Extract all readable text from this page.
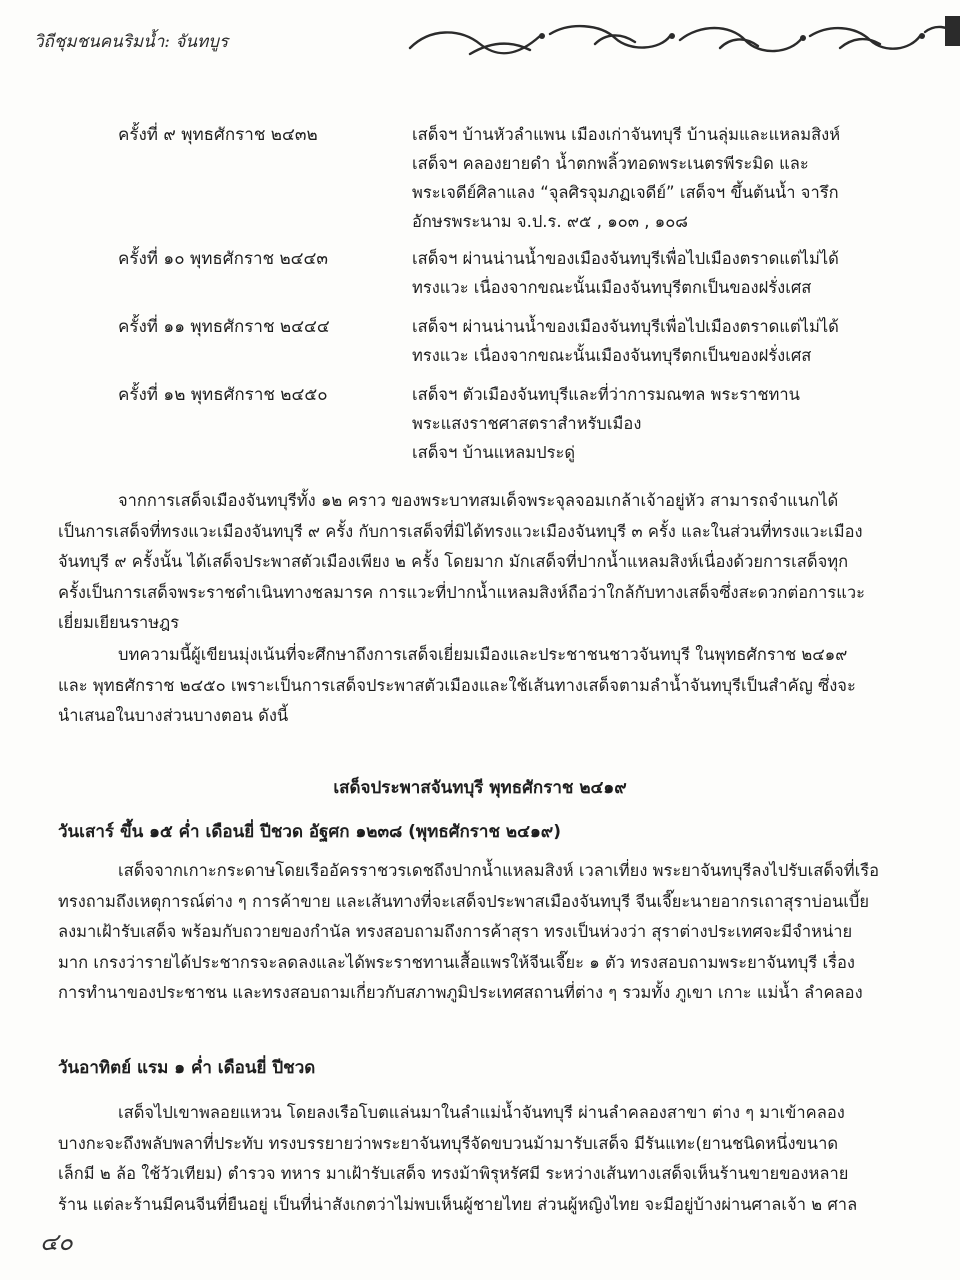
วิถีชุมชนคนริมน้ำ: จันทบูร
ครั้งที่ ๙ พุทธศักราช ๒๔๓๒	เสด็จฯ บ้านหัวลำแพน เมืองเก่าจันทบุรี บ้านลุ่มและแหลมสิงห์
เสด็จฯ คลองยายดำ น้ำตกพลิ้วทอดพระเนตรพีระมิด และ
พระเจดีย์ศิลาแลง “จุลศิรจุมภฏเจดีย์” เสด็จฯ ขึ้นต้นน้ำ จารึก
อักษรพระนาม จ.ป.ร. ๙๕ , ๑๐๓ , ๑๐๘
ครั้งที่ ๑๐ พุทธศักราช ๒๔๔๓	เสด็จฯ ผ่านน่านน้ำของเมืองจันทบุรีเพื่อไปเมืองตราดแต่ไม่ได้
ทรงแวะ เนื่องจากขณะนั้นเมืองจันทบุรีตกเป็นของฝรั่งเศส
ครั้งที่ ๑๑ พุทธศักราช ๒๔๔๔	เสด็จฯ ผ่านน่านน้ำของเมืองจันทบุรีเพื่อไปเมืองตราดแต่ไม่ได้
ทรงแวะ เนื่องจากขณะนั้นเมืองจันทบุรีตกเป็นของฝรั่งเศส
ครั้งที่ ๑๒ พุทธศักราช ๒๔๕๐	เสด็จฯ ตัวเมืองจันทบุรีและที่ว่าการมณฑล พระราชทาน
พระแสงราชศาสตราสำหรับเมือง
เสด็จฯ บ้านแหลมประดู่
จากการเสด็จเมืองจันทบุรีทั้ง ๑๒ คราว ของพระบาทสมเด็จพระจุลจอมเกล้าเจ้าอยู่หัว สามารถจำแนกได้
เป็นการเสด็จที่ทรงแวะเมืองจันทบุรี ๙ ครั้ง กับการเสด็จที่มิได้ทรงแวะเมืองจันทบุรี ๓ ครั้ง และในส่วนที่ทรงแวะเมือง
จันทบุรี ๙ ครั้งนั้น ได้เสด็จประพาสตัวเมืองเพียง ๒ ครั้ง โดยมาก มักเสด็จที่ปากน้ำแหลมสิงห์เนื่องด้วยการเสด็จทุก
ครั้งเป็นการเสด็จพระราชดำเนินทางชลมารค การแวะที่ปากน้ำแหลมสิงห์ถือว่าใกล้กับทางเสด็จซึ่งสะดวกต่อการแวะ
เยี่ยมเยียนราษฎร
บทความนี้ผู้เขียนมุ่งเน้นที่จะศึกษาถึงการเสด็จเยี่ยมเมืองและประชาชนชาวจันทบุรี ในพุทธศักราช ๒๔๑๙
และ พุทธศักราช ๒๔๕๐ เพราะเป็นการเสด็จประพาสตัวเมืองและใช้เส้นทางเสด็จตามลำน้ำจันทบุรีเป็นสำคัญ ซึ่งจะ
นำเสนอในบางส่วนบางตอน ดังนี้
เสด็จประพาสจันทบุรี พุทธศักราช ๒๔๑๙
วันเสาร์ ขึ้น ๑๕ ค่ำ เดือนยี่ ปีชวด อัฐศก ๑๒๓๘ (พุทธศักราช ๒๔๑๙)
เสด็จจากเกาะกระดาษโดยเรืออัครราชวรเดชถึงปากน้ำแหลมสิงห์ เวลาเที่ยง พระยาจันทบุรีลงไปรับเสด็จที่เรือ
ทรงถามถึงเหตุการณ์ต่าง ๆ การค้าขาย และเส้นทางที่จะเสด็จประพาสเมืองจันทบุรี จีนเจี๊ยะนายอากรเถาสุราบ่อนเบี้ย
ลงมาเฝ้ารับเสด็จ พร้อมกับถวายของกำนัล ทรงสอบถามถึงการค้าสุรา ทรงเป็นห่วงว่า สุราต่างประเทศจะมีจำหน่าย
มาก เกรงว่ารายได้ประชากรจะลดลงและได้พระราชทานเสื้อแพรให้จีนเจี๊ยะ ๑ ตัว ทรงสอบถามพระยาจันทบุรี เรื่อง
การทำนาของประชาชน และทรงสอบถามเกี่ยวกับสภาพภูมิประเทศสถานที่ต่าง ๆ รวมทั้ง ภูเขา เกาะ แม่น้ำ ลำคลอง
วันอาทิตย์ แรม ๑ ค่ำ เดือนยี่ ปีชวด
เสด็จไปเขาพลอยแหวน โดยลงเรือโบตแล่นมาในลำแม่น้ำจันทบุรี ผ่านลำคลองสาขา ต่าง ๆ มาเข้าคลอง
บางกะจะถึงพลับพลาที่ประทับ ทรงบรรยายว่าพระยาจันทบุรีจัดขบวนม้ามารับเสด็จ มีรันแทะ(ยานชนิดหนึ่งขนาด
เล็กมี ๒ ล้อ ใช้วัวเทียม) ตำรวจ ทหาร มาเฝ้ารับเสด็จ ทรงม้าพิรุหรัศมี ระหว่างเส้นทางเสด็จเห็นร้านขายของหลาย
ร้าน แต่ละร้านมีคนจีนที่ยืนอยู่ เป็นที่น่าสังเกตว่าไม่พบเห็นผู้ชายไทย ส่วนผู้หญิงไทย จะมีอยู่บ้างผ่านศาลเจ้า ๒ ศาล
๔๐
